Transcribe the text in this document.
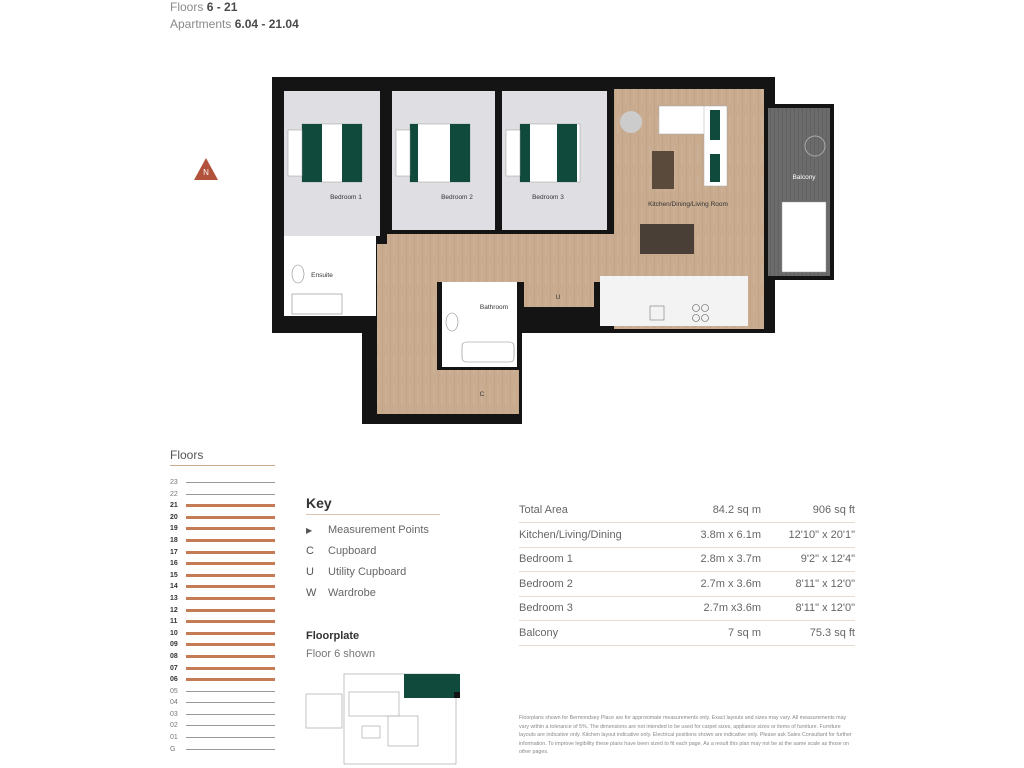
Floors 6 - 21
Apartments 6.04 - 21.04
N
Bedroom 1	Bedroom 2	Bedroom 3
Ensuite
Bathroom
Kitchen/Dining/Living Room
Balcony
U
C
Floors
23
22
21
20
19
18
17
16
15
14
13
12
11
10
09
08
07
06
05
04
03
02
01
G
Key
▶ Measurement Points
C Cupboard
U Utility Cupboard
W Wardrobe
Floorplate
Floor 6 shown
Total Area	84.2 sq m	906 sq ft
Kitchen/Living/Dining	3.8m x 6.1m	12'10" x 20'1"
Bedroom 1	2.8m x 3.7m	9'2" x 12'4"
Bedroom 2	2.7m x 3.6m	8'11" x 12'0"
Bedroom 3	2.7m x3.6m	8'11" x 12'0"
Balcony	7 sq m	75.3 sq ft
Floorplans shown for Bermondsey Place are for approximate measurements only. Exact layouts and sizes may vary. All measurements may vary within a tolerance of 5%. The dimensions are not intended to be used for carpet sizes, appliance sizes or items of furniture. Furniture layouts are indicative only. Kitchen layout indicative only. Electrical positions shown are indicative only. Please ask Sales Consultant for further information. To improve legibility these plans have been sized to fit each page. As a result this plan may not be at the same scale as those on other pages.
